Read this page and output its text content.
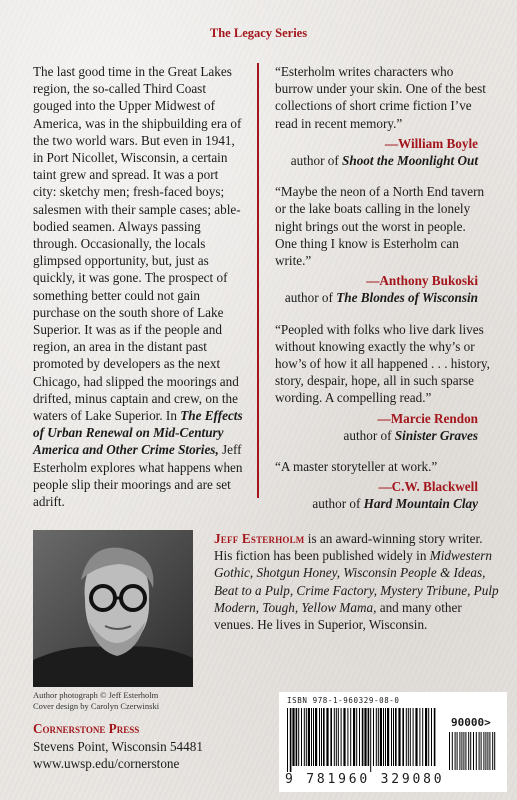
The Legacy Series

The last good time in the Great Lakes region, the so-called Third Coast gouged into the Upper Midwest of America, was in the shipbuilding era of the two world wars. But even in 1941, in Port Nicollet, Wisconsin, a certain taint grew and spread. It was a port city: sketchy men; fresh-faced boys; salesmen with their sample cases; able-bodied seamen. Always passing through. Occasionally, the locals glimpsed opportunity, but, just as quickly, it was gone. The prospect of something better could not gain purchase on the south shore of Lake Superior. It was as if the people and region, an area in the distant past promoted by developers as the next Chicago, had slipped the moorings and drifted, minus captain and crew, on the waters of Lake Superior. In The Effects of Urban Renewal on Mid-Century America and Other Crime Stories, Jeff Esterholm explores what happens when people slip their moorings and are set adrift.

“Esterholm writes characters who burrow under your skin. One of the best collections of short crime fiction I’ve read in recent memory.”

—William Boyle
author of Shoot the Moonlight Out

“Maybe the neon of a North End tavern or the lake boats calling in the lonely night brings out the worst in people. One thing I know is Esterholm can write.”

—Anthony Bukoski
author of The Blondes of Wisconsin

“Peopled with folks who live dark lives without knowing exactly the why’s or how’s of how it all happened . . . history, story, despair, hope, all in such sparse wording. A compelling read.”

—Marcie Rendon
author of Sinister Graves

“A master storyteller at work.”

—C.W. Blackwell
author of Hard Mountain Clay
Jeff Esterholm is an award-winning story writer. His fiction has been published widely in Midwestern Gothic, Shotgun Honey, Wisconsin People & Ideas, Beat to a Pulp, Crime Factory, Mystery Tribune, Pulp Modern, Tough, Yellow Mama, and many other venues. He lives in Superior, Wisconsin.
Author photograph © Jeff Esterholm
Cover design by Carolyn Czerwinski
Cornerstone Press
Stevens Point, Wisconsin 54481
www.uwsp.edu/cornerstone
ISBN 978-1-960329-08-0
90000>
9 781960 329080
